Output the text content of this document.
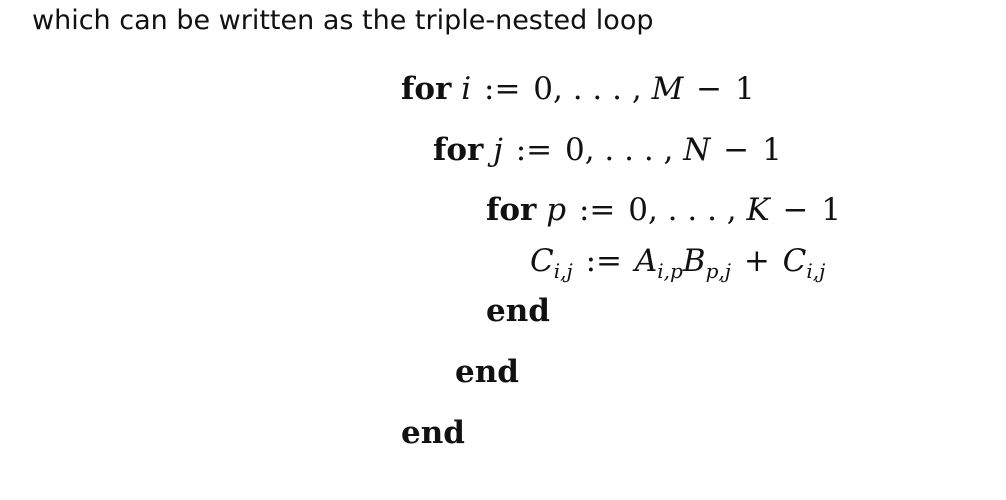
which can be written as the triple-nested loop
for i := 0, . . . , M − 1
for j := 0, . . . , N − 1
for p := 0, . . . , K − 1
$C_{i,j}$ := $A_{i,p}B_{p,j} + C_{i,j}$
end
end
end
